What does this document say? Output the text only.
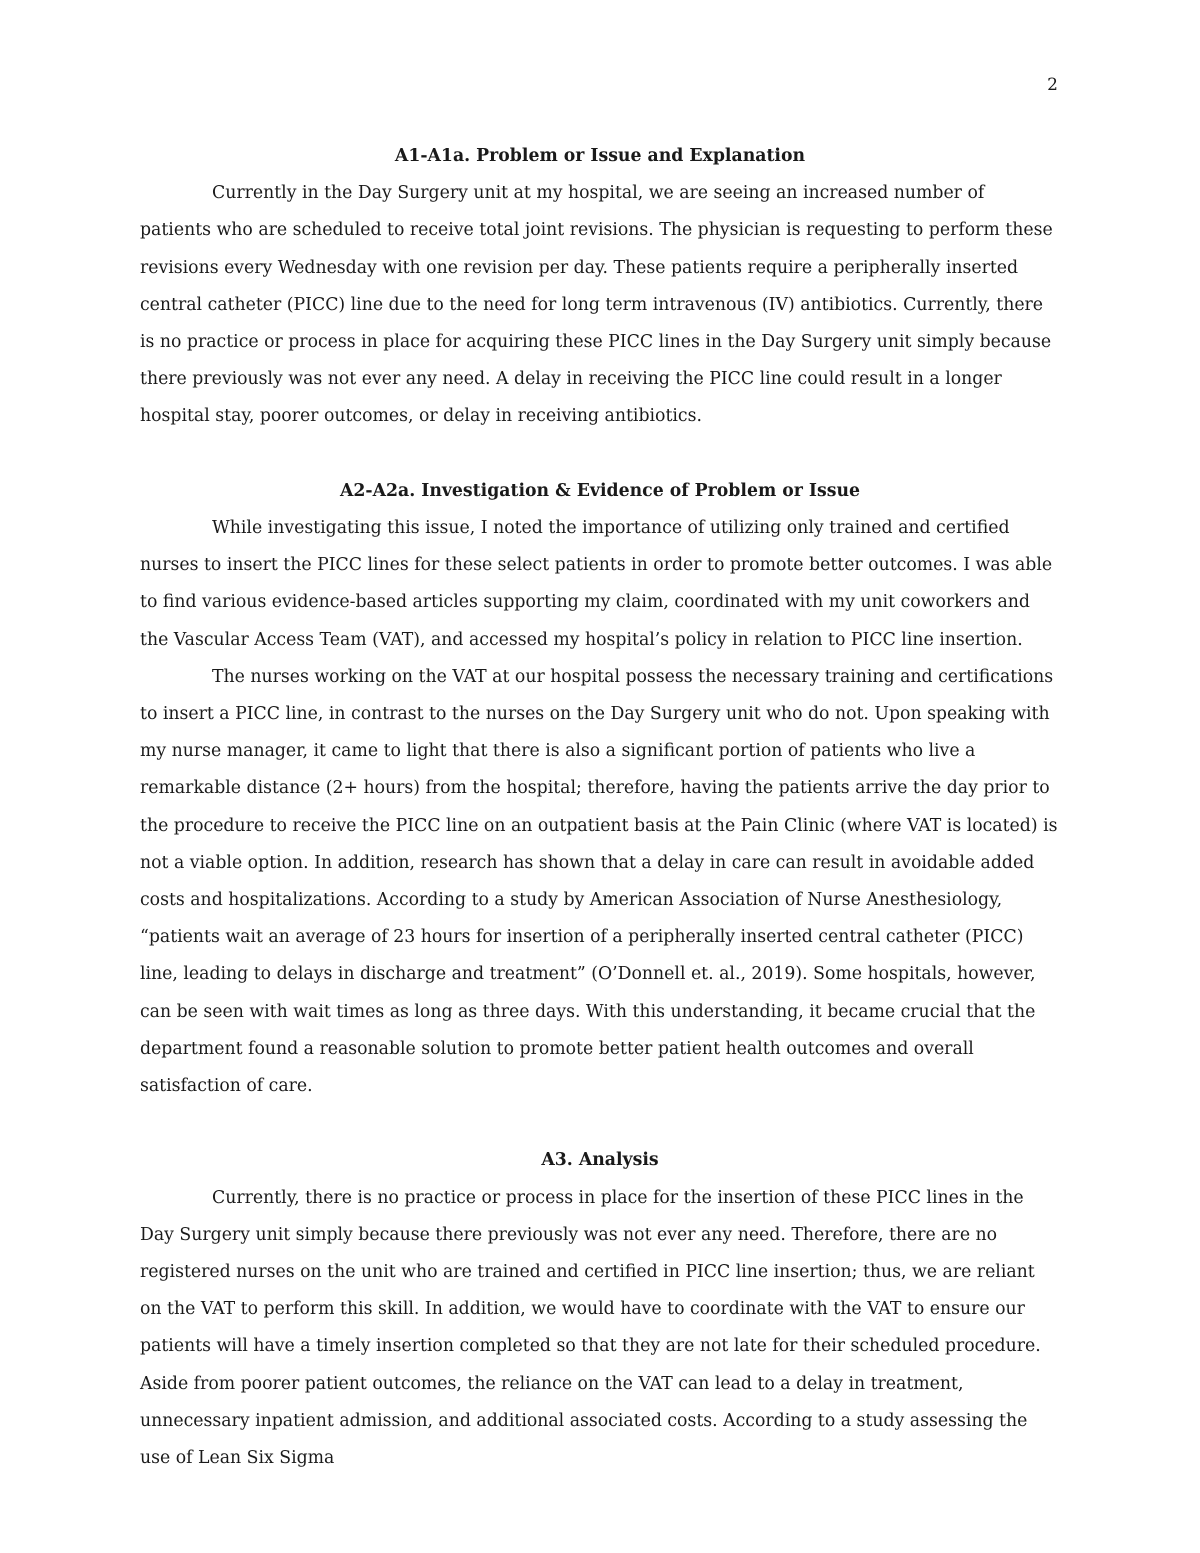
2

A1-A1a. Problem or Issue and Explanation

Currently in the Day Surgery unit at my hospital, we are seeing an increased number of patients who are scheduled to receive total joint revisions. The physician is requesting to perform these revisions every Wednesday with one revision per day. These patients require a peripherally inserted central catheter (PICC) line due to the need for long term intravenous (IV) antibiotics. Currently, there is no practice or process in place for acquiring these PICC lines in the Day Surgery unit simply because there previously was not ever any need. A delay in receiving the PICC line could result in a longer hospital stay, poorer outcomes, or delay in receiving antibiotics.

A2-A2a. Investigation & Evidence of Problem or Issue

While investigating this issue, I noted the importance of utilizing only trained and certified nurses to insert the PICC lines for these select patients in order to promote better outcomes. I was able to find various evidence-based articles supporting my claim, coordinated with my unit coworkers and the Vascular Access Team (VAT), and accessed my hospital’s policy in relation to PICC line insertion.

The nurses working on the VAT at our hospital possess the necessary training and certifications to insert a PICC line, in contrast to the nurses on the Day Surgery unit who do not. Upon speaking with my nurse manager, it came to light that there is also a significant portion of patients who live a remarkable distance (2+ hours) from the hospital; therefore, having the patients arrive the day prior to the procedure to receive the PICC line on an outpatient basis at the Pain Clinic (where VAT is located) is not a viable option. In addition, research has shown that a delay in care can result in avoidable added costs and hospitalizations. According to a study by American Association of Nurse Anesthesiology, “patients wait an average of 23 hours for insertion of a peripherally inserted central catheter (PICC) line, leading to delays in discharge and treatment” (O’Donnell et. al., 2019). Some hospitals, however, can be seen with wait times as long as three days. With this understanding, it became crucial that the department found a reasonable solution to promote better patient health outcomes and overall satisfaction of care.

A3. Analysis

Currently, there is no practice or process in place for the insertion of these PICC lines in the Day Surgery unit simply because there previously was not ever any need. Therefore, there are no registered nurses on the unit who are trained and certified in PICC line insertion; thus, we are reliant on the VAT to perform this skill. In addition, we would have to coordinate with the VAT to ensure our patients will have a timely insertion completed so that they are not late for their scheduled procedure. Aside from poorer patient outcomes, the reliance on the VAT can lead to a delay in treatment, unnecessary inpatient admission, and additional associated costs. According to a study assessing the use of Lean Six Sigma
